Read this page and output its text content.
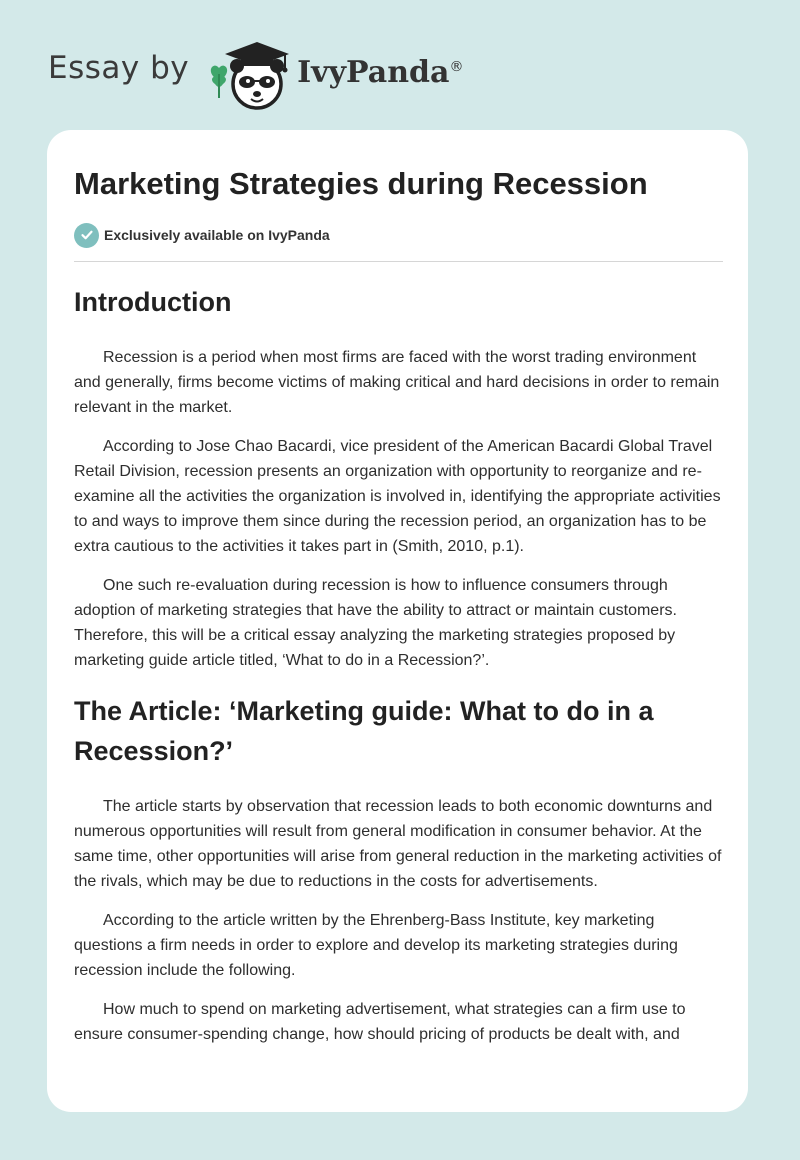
Essay by	IvyPanda®
Marketing Strategies during Recession
Exclusively available on IvyPanda
Introduction

Recession is a period when most firms are faced with the worst trading environment and generally, firms become victims of making critical and hard decisions in order to remain relevant in the market.

According to Jose Chao Bacardi, vice president of the American Bacardi Global Travel Retail Division, recession presents an organization with opportunity to reorganize and re-examine all the activities the organization is involved in, identifying the appropriate activities to and ways to improve them since during the recession period, an organization has to be extra cautious to the activities it takes part in (Smith, 2010, p.1).

One such re-evaluation during recession is how to influence consumers through adoption of marketing strategies that have the ability to attract or maintain customers. Therefore, this will be a critical essay analyzing the marketing strategies proposed by marketing guide article titled, ‘What to do in a Recession?’.

The Article: ‘Marketing guide: What to do in a Recession?’

The article starts by observation that recession leads to both economic downturns and numerous opportunities will result from general modification in consumer behavior. At the same time, other opportunities will arise from general reduction in the marketing activities of the rivals, which may be due to reductions in the costs for advertisements.

According to the article written by the Ehrenberg-Bass Institute, key marketing questions a firm needs in order to explore and develop its marketing strategies during recession include the following.

How much to spend on marketing advertisement, what strategies can a firm use to ensure consumer-spending change, how should pricing of products be dealt with, and
